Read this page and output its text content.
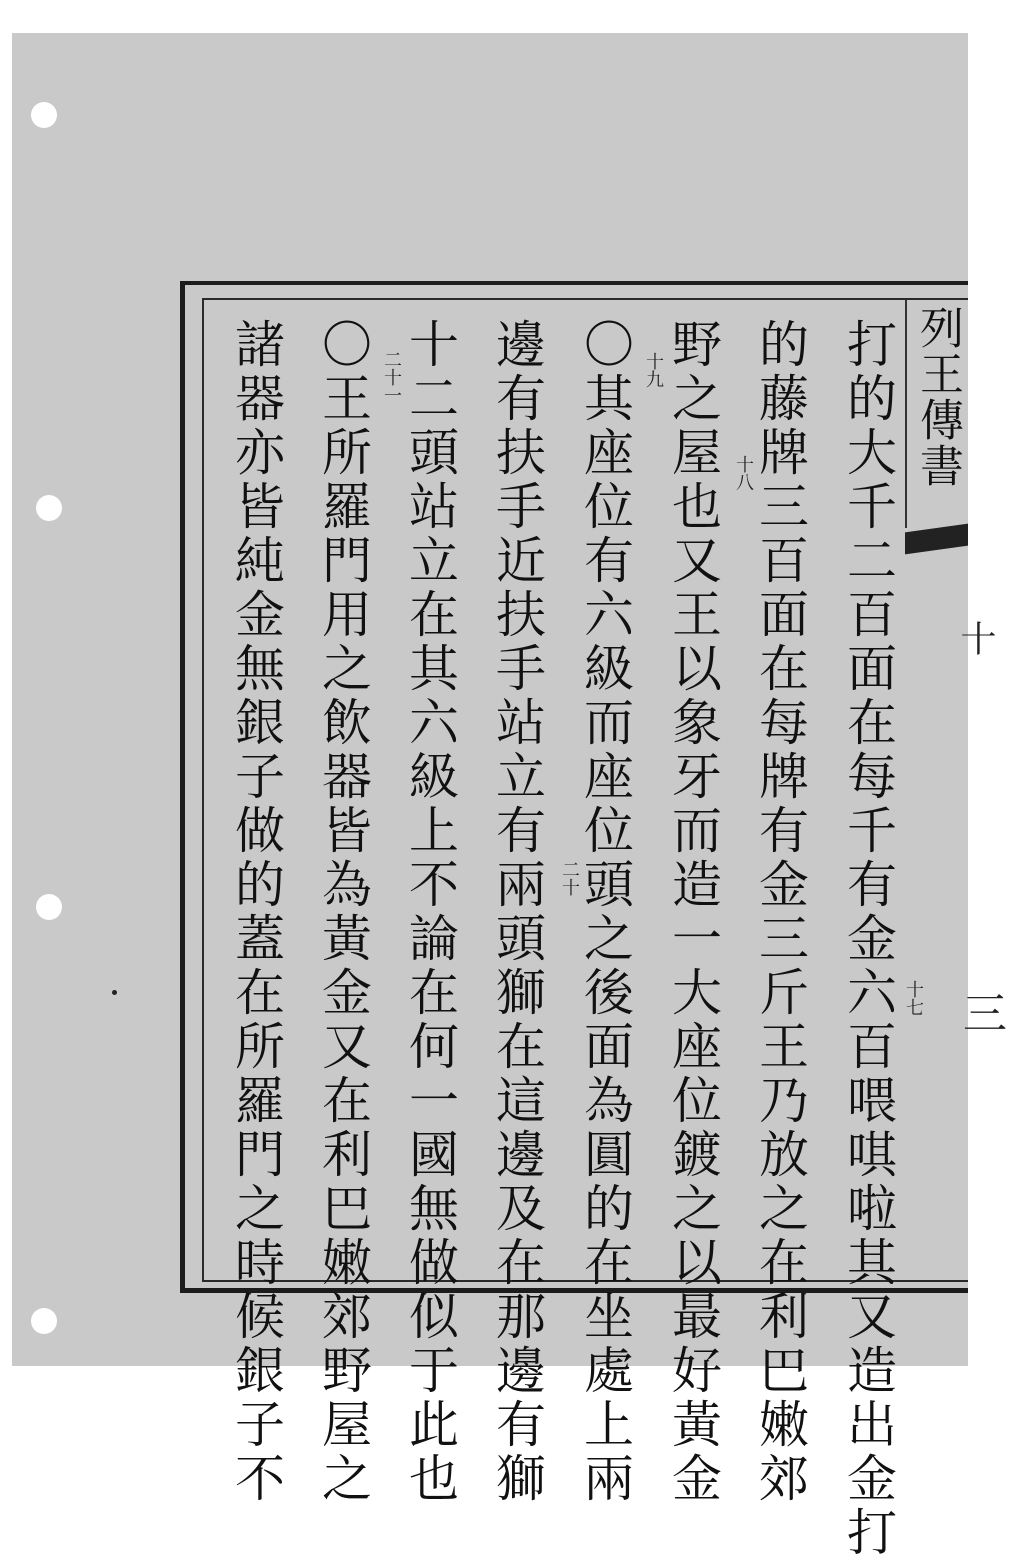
列王傳書
打的大千二百面在每千有金六百喂唭啦其又造出金打
的藤牌三百面在每牌有金三斤王乃放之在利巴嫩郊
野之屋也又王以象牙而造一大座位鍍之以最好黃金
〇其座位有六級而座位頭之後面為圓的在坐處上兩
邊有扶手近扶手站立有兩頭獅在這邊及在那邊有獅
十二頭站立在其六級上不論在何一國無做似于此也
〇王所羅門用之飲器皆為黃金又在利巴嫩郊野屋之
諸器亦皆純金無銀子做的蓋在所羅門之時候銀子不	十七
十八
十九
二十
二十一
十
三
